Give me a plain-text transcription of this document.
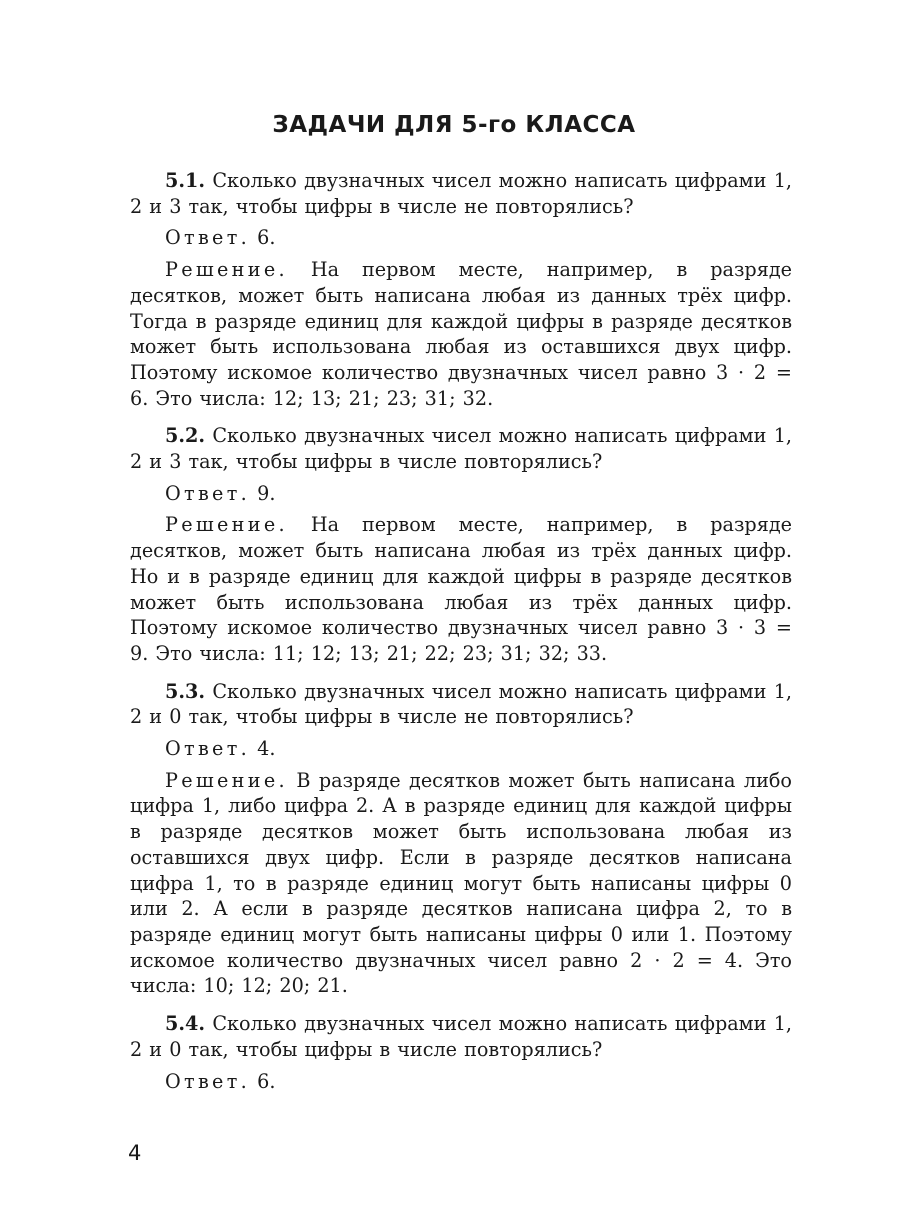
ЗАДАЧИ ДЛЯ 5-го КЛАССА

5.1. Сколько двузначных чисел можно написать цифрами 1, 2 и 3 так, чтобы цифры в числе не повторялись?

Ответ. 6.

Решение. На первом месте, например, в разряде десятков, может быть написана любая из данных трёх цифр. Тогда в разряде единиц для каждой цифры в разряде десятков может быть использована любая из оставшихся двух цифр. Поэтому искомое количество двузначных чисел равно 3 · 2 = 6. Это числа: 12; 13; 21; 23; 31; 32.

5.2. Сколько двузначных чисел можно написать цифрами 1, 2 и 3 так, чтобы цифры в числе повторялись?

Ответ. 9.

Решение. На первом месте, например, в разряде десятков, может быть написана любая из трёх данных цифр. Но и в разряде единиц для каждой цифры в разряде десятков может быть использована любая из трёх данных цифр. Поэтому искомое количество двузначных чисел равно 3 · 3 = 9. Это числа: 11; 12; 13; 21; 22; 23; 31; 32; 33.

5.3. Сколько двузначных чисел можно написать цифрами 1, 2 и 0 так, чтобы цифры в числе не повторялись?

Ответ. 4.

Решение. В разряде десятков может быть написана либо цифра 1, либо цифра 2. А в разряде единиц для каждой цифры в разряде десятков может быть использована любая из оставшихся двух цифр. Если в разряде десятков написана цифра 1, то в разряде единиц могут быть написаны цифры 0 или 2. А если в разряде десятков написана цифра 2, то в разряде единиц могут быть написаны цифры 0 или 1. Поэтому искомое количество двузначных чисел равно 2 · 2 = 4. Это числа: 10; 12; 20; 21.

5.4. Сколько двузначных чисел можно написать цифрами 1, 2 и 0 так, чтобы цифры в числе повторялись?

Ответ. 6.

4
